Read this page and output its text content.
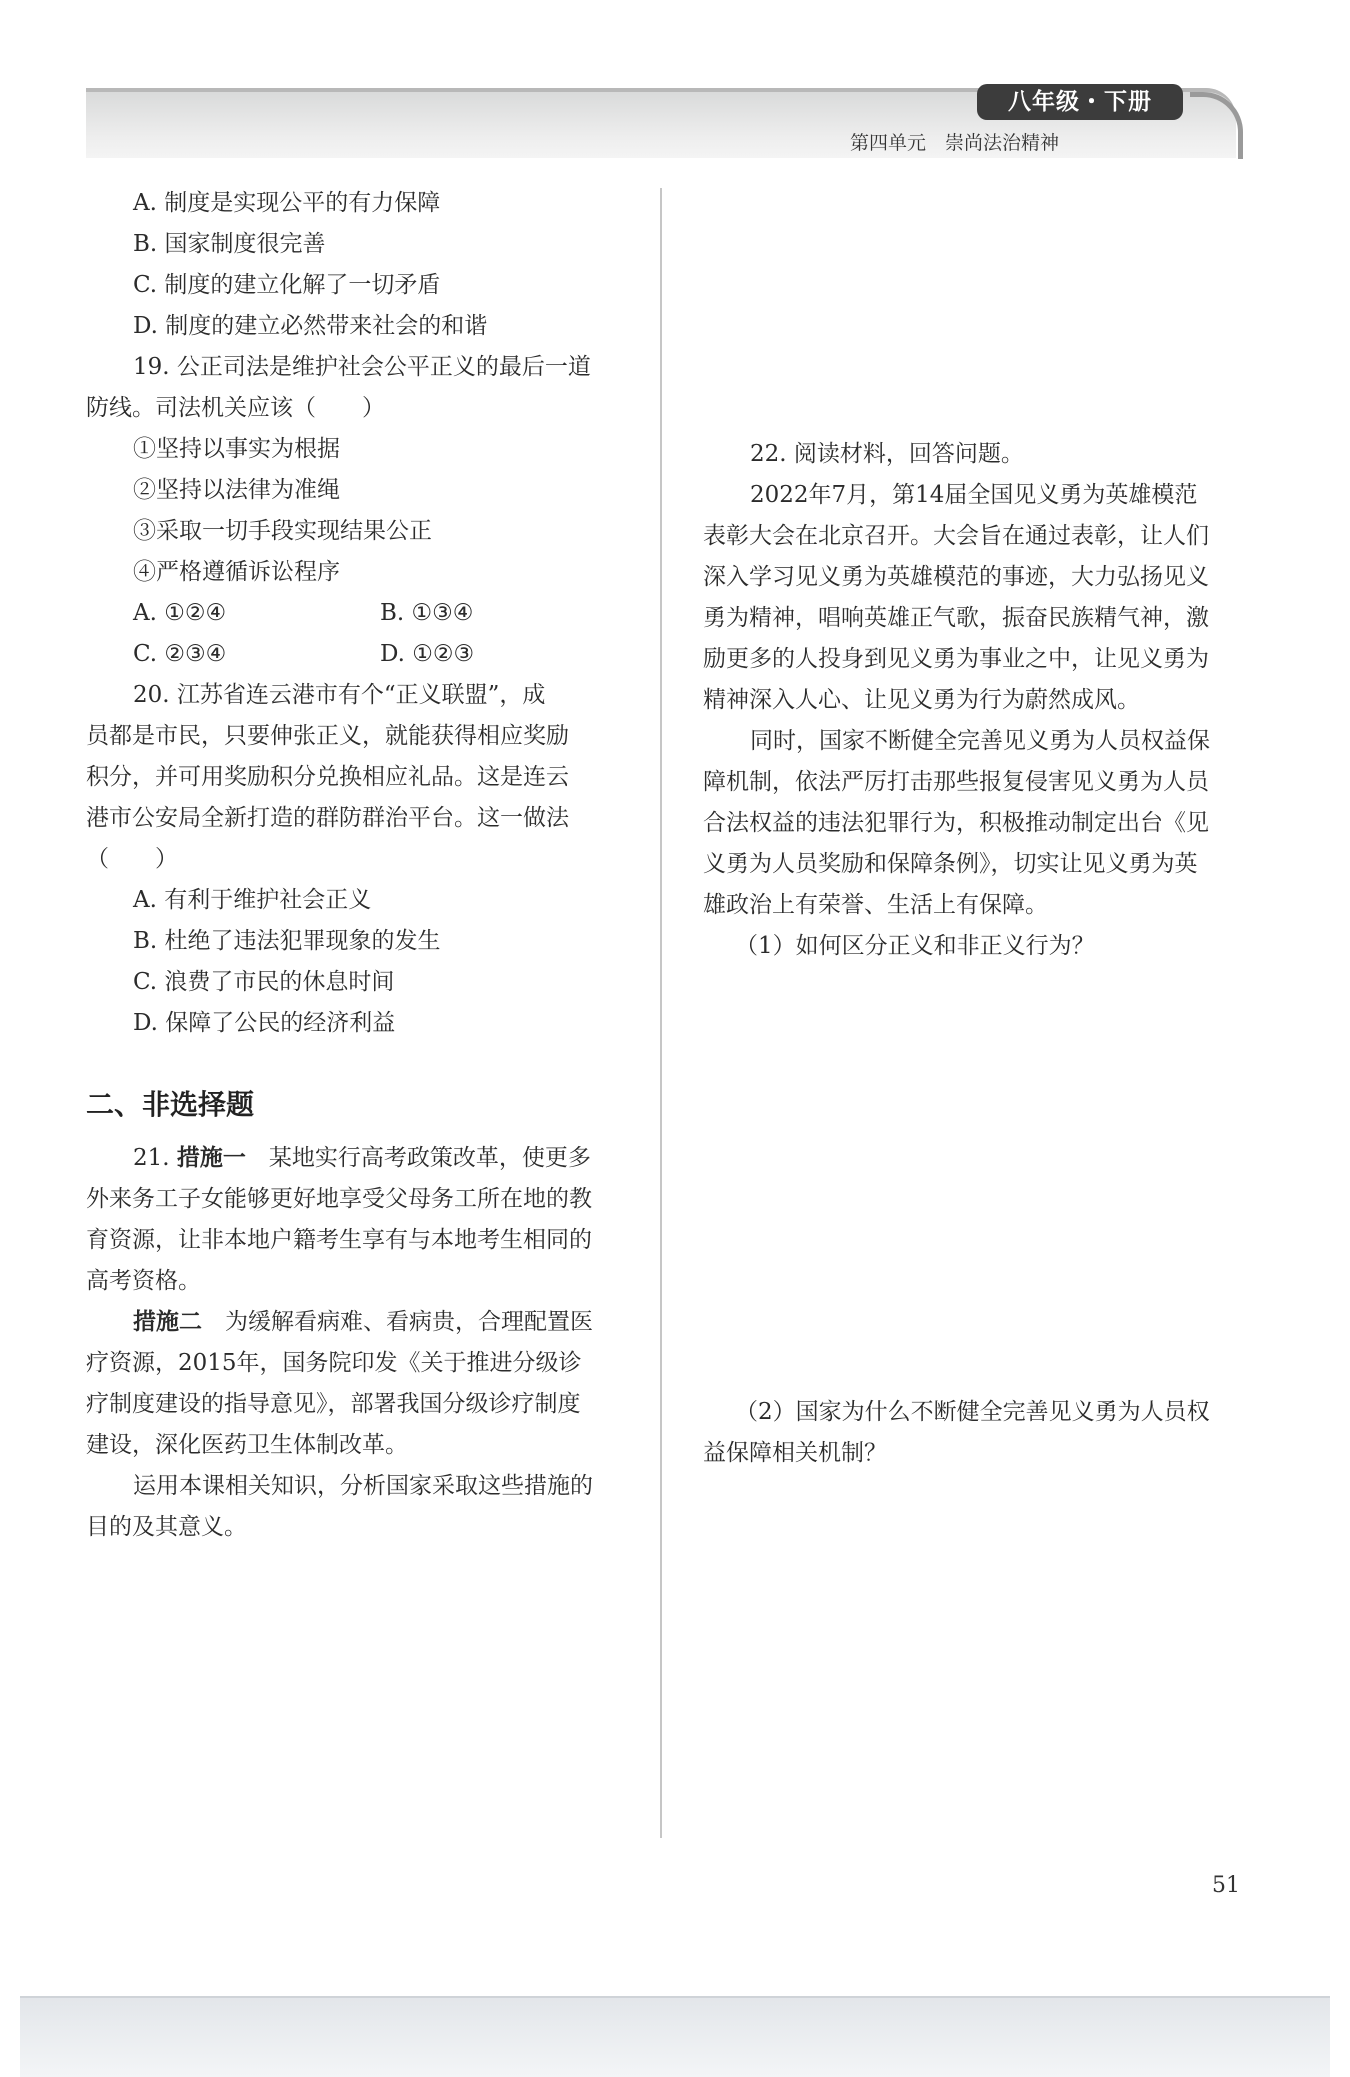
八年级・下册
第四单元　崇尚法治精神
A. 制度是实现公平的有力保障
B. 国家制度很完善
C. 制度的建立化解了一切矛盾
D. 制度的建立必然带来社会的和谐
19. 公正司法是维护社会公平正义的最后一道
防线。司法机关应该（　　）
①坚持以事实为根据
②坚持以法律为准绳
③采取一切手段实现结果公正
④严格遵循诉讼程序
A. ①②④	B. ①③④
C. ②③④	D. ①②③
20. 江苏省连云港市有个“正义联盟”，成
员都是市民，只要伸张正义，就能获得相应奖励
积分，并可用奖励积分兑换相应礼品。这是连云
港市公安局全新打造的群防群治平台。这一做法
（　　）
A. 有利于维护社会正义
B. 杜绝了违法犯罪现象的发生
C. 浪费了市民的休息时间
D. 保障了公民的经济利益
二、非选择题
21. 措施一　某地实行高考政策改革，使更多
外来务工子女能够更好地享受父母务工所在地的教
育资源，让非本地户籍考生享有与本地考生相同的
高考资格。
措施二　为缓解看病难、看病贵，合理配置医
疗资源，2015年，国务院印发《关于推进分级诊
疗制度建设的指导意见》，部署我国分级诊疗制度
建设，深化医药卫生体制改革。
运用本课相关知识，分析国家采取这些措施的
目的及其意义。
22. 阅读材料，回答问题。
2022年7月，第14届全国见义勇为英雄模范
表彰大会在北京召开。大会旨在通过表彰，让人们
深入学习见义勇为英雄模范的事迹，大力弘扬见义
勇为精神，唱响英雄正气歌，振奋民族精气神，激
励更多的人投身到见义勇为事业之中，让见义勇为
精神深入人心、让见义勇为行为蔚然成风。
同时，国家不断健全完善见义勇为人员权益保
障机制，依法严厉打击那些报复侵害见义勇为人员
合法权益的违法犯罪行为，积极推动制定出台《见
义勇为人员奖励和保障条例》，切实让见义勇为英
雄政治上有荣誉、生活上有保障。
（1）如何区分正义和非正义行为？
（2）国家为什么不断健全完善见义勇为人员权
益保障相关机制？
51
